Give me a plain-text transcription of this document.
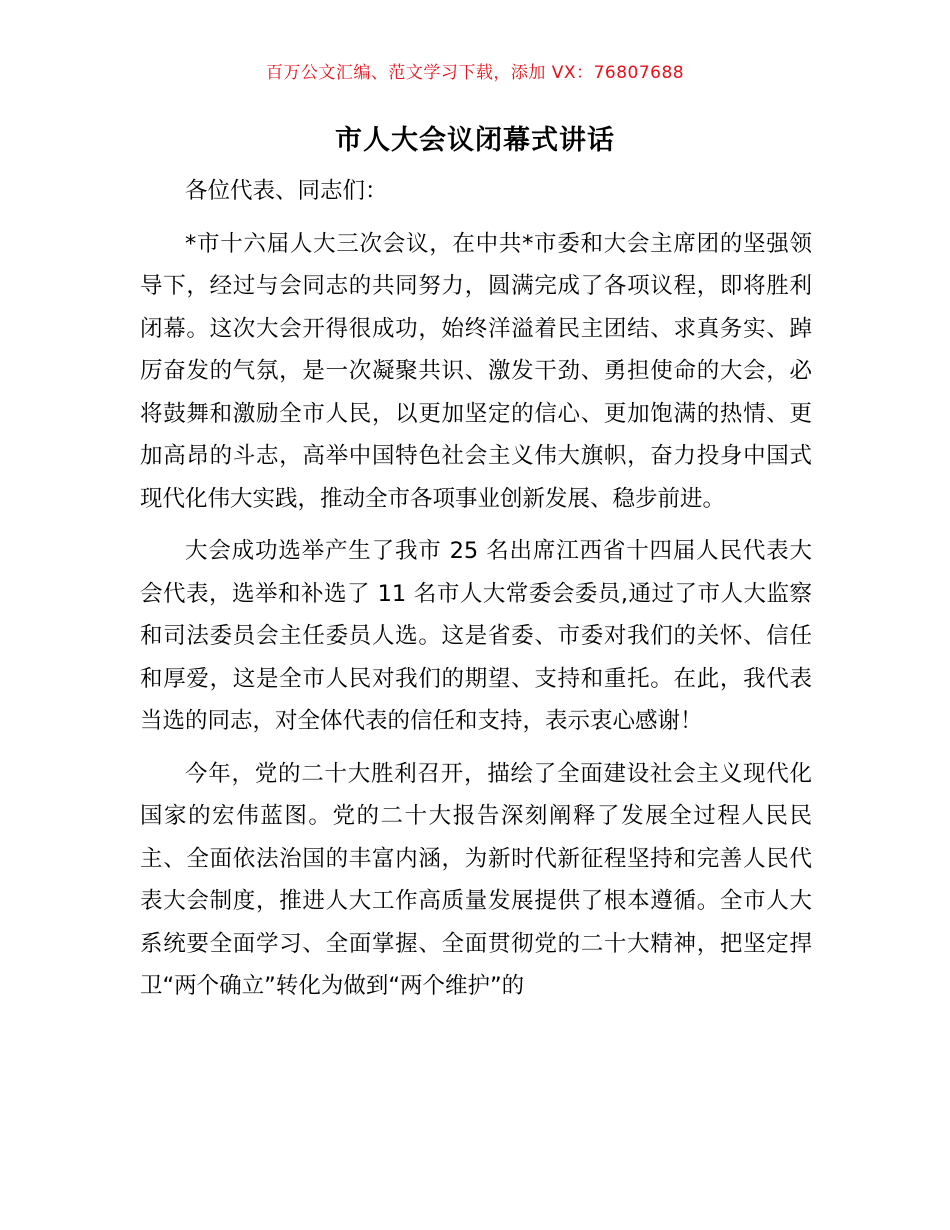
百万公文汇编、范文学习下载，添加 VX：76807688
市人大会议闭幕式讲话

各位代表、同志们：

*市十六届人大三次会议，在中共*市委和大会主席团的坚强领导下，经过与会同志的共同努力，圆满完成了各项议程，即将胜利闭幕。这次大会开得很成功，始终洋溢着民主团结、求真务实、踔厉奋发的气氛，是一次凝聚共识、激发干劲、勇担使命的大会，必将鼓舞和激励全市人民，以更加坚定的信心、更加饱满的热情、更加高昂的斗志，高举中国特色社会主义伟大旗帜，奋力投身中国式现代化伟大实践，推动全市各项事业创新发展、稳步前进。

大会成功选举产生了我市 25 名出席江西省十四届人民代表大会代表，选举和补选了 11 名市人大常委会委员,通过了市人大监察和司法委员会主任委员人选。这是省委、市委对我们的关怀、信任和厚爱，这是全市人民对我们的期望、支持和重托。在此，我代表当选的同志，对全体代表的信任和支持，表示衷心感谢！

今年，党的二十大胜利召开，描绘了全面建设社会主义现代化国家的宏伟蓝图。党的二十大报告深刻阐释了发展全过程人民民主、全面依法治国的丰富内涵，为新时代新征程坚持和完善人民代表大会制度，推进人大工作高质量发展提供了根本遵循。全市人大系统要全面学习、全面掌握、全面贯彻党的二十大精神，把坚定捍卫“两个确立”转化为做到“两个维护”的
